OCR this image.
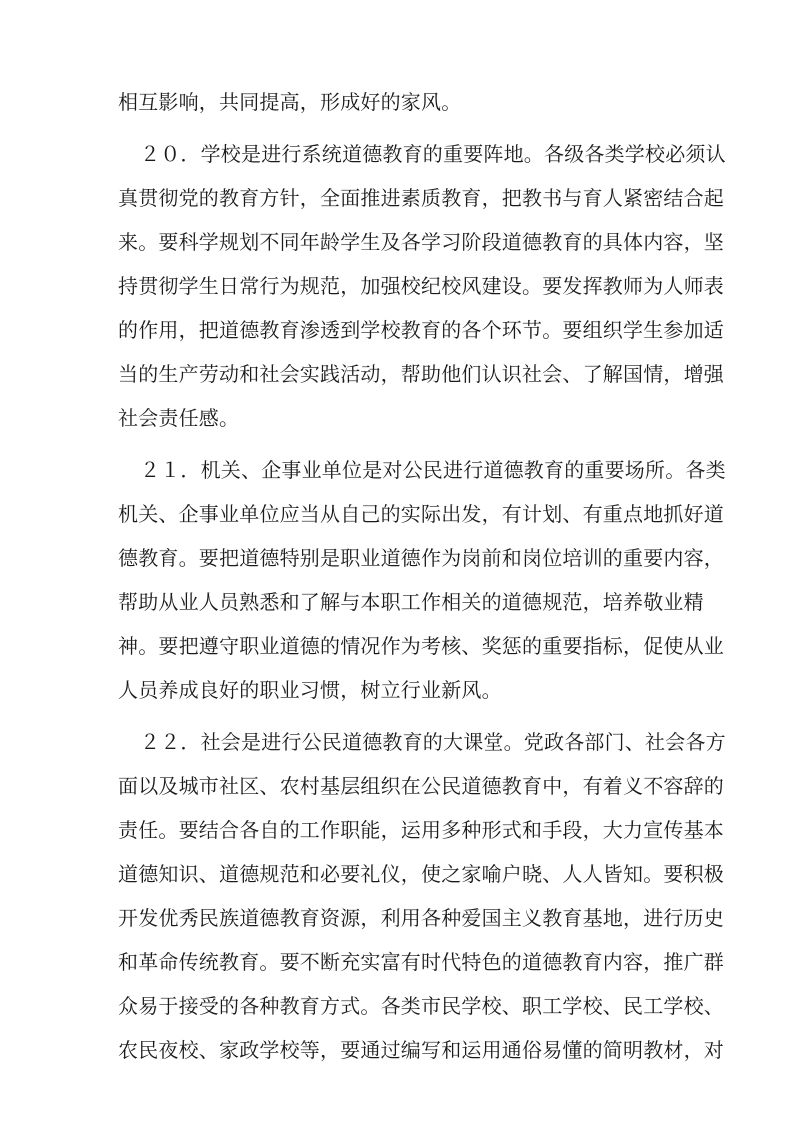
相互影响，共同提高，形成好的家风。
２０．学校是进行系统道德教育的重要阵地。各级各类学校必须认
真贯彻党的教育方针，全面推进素质教育，把教书与育人紧密结合起
来。要科学规划不同年龄学生及各学习阶段道德教育的具体内容，坚
持贯彻学生日常行为规范，加强校纪校风建设。要发挥教师为人师表
的作用，把道德教育渗透到学校教育的各个环节。要组织学生参加适
当的生产劳动和社会实践活动，帮助他们认识社会、了解国情，增强
社会责任感。
２１．机关、企事业单位是对公民进行道德教育的重要场所。各类
机关、企事业单位应当从自己的实际出发，有计划、有重点地抓好道
德教育。要把道德特别是职业道德作为岗前和岗位培训的重要内容，
帮助从业人员熟悉和了解与本职工作相关的道德规范，培养敬业精
神。要把遵守职业道德的情况作为考核、奖惩的重要指标，促使从业
人员养成良好的职业习惯，树立行业新风。
２２．社会是进行公民道德教育的大课堂。党政各部门、社会各方
面以及城市社区、农村基层组织在公民道德教育中，有着义不容辞的
责任。要结合各自的工作职能，运用多种形式和手段，大力宣传基本
道德知识、道德规范和必要礼仪，使之家喻户晓、人人皆知。要积极
开发优秀民族道德教育资源，利用各种爱国主义教育基地，进行历史
和革命传统教育。要不断充实富有时代特色的道德教育内容，推广群
众易于接受的各种教育方式。各类市民学校、职工学校、民工学校、
农民夜校、家政学校等，要通过编写和运用通俗易懂的简明教材，对
